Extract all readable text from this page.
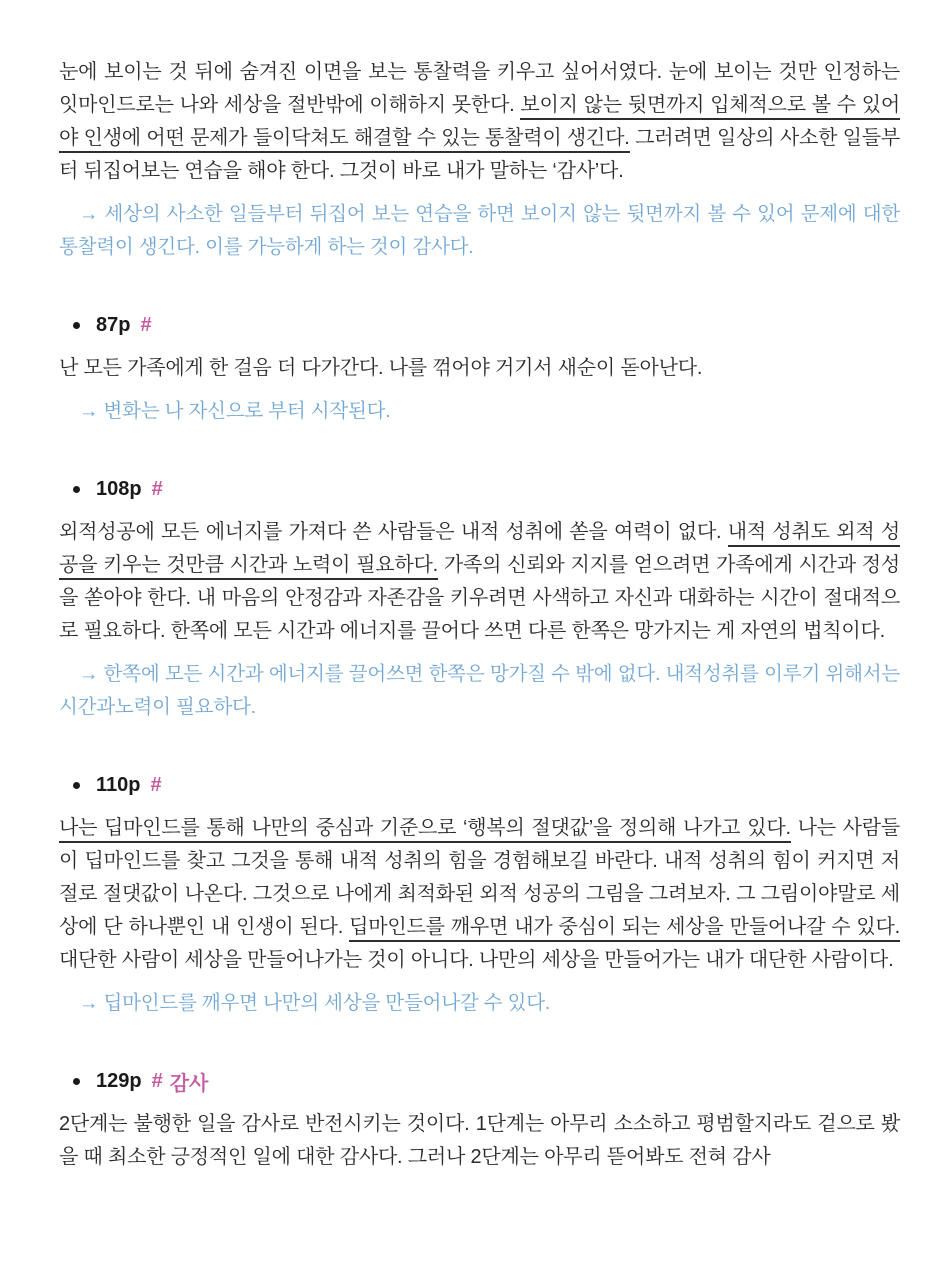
눈에 보이는 것 뒤에 숨겨진 이면을 보는 통찰력을 키우고 싶어서였다. 눈에 보이는 것만 인정하는 잇마인드로는 나와 세상을 절반밖에 이해하지 못한다. 보이지 않는 뒷면까지 입체적으로 볼 수 있어야 인생에 어떤 문제가 들이닥쳐도 해결할 수 있는 통찰력이 생긴다. 그러려면 일상의 사소한 일들부터 뒤집어보는 연습을 해야 한다. 그것이 바로 내가 말하는 ‘감사’다.

→ 세상의 사소한 일들부터 뒤집어 보는 연습을 하면 보이지 않는 뒷면까지 볼 수 있어 문제에 대한 통찰력이 생긴다. 이를 가능하게 하는 것이 감사다.

87p #

난 모든 가족에게 한 걸음 더 다가간다. 나를 꺾어야 거기서 새순이 돋아난다.

→ 변화는 나 자신으로 부터 시작된다.

108p #

외적성공에 모든 에너지를 가져다 쓴 사람들은 내적 성취에 쏟을 여력이 없다. 내적 성취도 외적 성공을 키우는 것만큼 시간과 노력이 필요하다. 가족의 신뢰와 지지를 얻으려면 가족에게 시간과 정성을 쏟아야 한다. 내 마음의 안정감과 자존감을 키우려면 사색하고 자신과 대화하는 시간이 절대적으로 필요하다. 한쪽에 모든 시간과 에너지를 끌어다 쓰면 다른 한쪽은 망가지는 게 자연의 법칙이다.

→ 한쪽에 모든 시간과 에너지를 끌어쓰면 한쪽은 망가질 수 밖에 없다. 내적성취를 이루기 위해서는 시간과노력이 필요하다.

110p #

나는 딥마인드를 통해 나만의 중심과 기준으로 ‘행복의 절댓값’을 정의해 나가고 있다. 나는 사람들이 딥마인드를 찾고 그것을 통해 내적 성취의 힘을 경험해보길 바란다. 내적 성취의 힘이 커지면 저절로 절댓값이 나온다. 그것으로 나에게 최적화된 외적 성공의 그림을 그려보자. 그 그림이야말로 세상에 단 하나뿐인 내 인생이 된다. 딥마인드를 깨우면 내가 중심이 되는 세상을 만들어나갈 수 있다. 대단한 사람이 세상을 만들어나가는 것이 아니다. 나만의 세상을 만들어가는 내가 대단한 사람이다.

→ 딥마인드를 깨우면 나만의 세상을 만들어나갈 수 있다.

129p # 감사

2단계는 불행한 일을 감사로 반전시키는 것이다. 1단계는 아무리 소소하고 평범할지라도 겉으로 봤을 때 최소한 긍정적인 일에 대한 감사다. 그러나 2단계는 아무리 뜯어봐도 전혀 감사
